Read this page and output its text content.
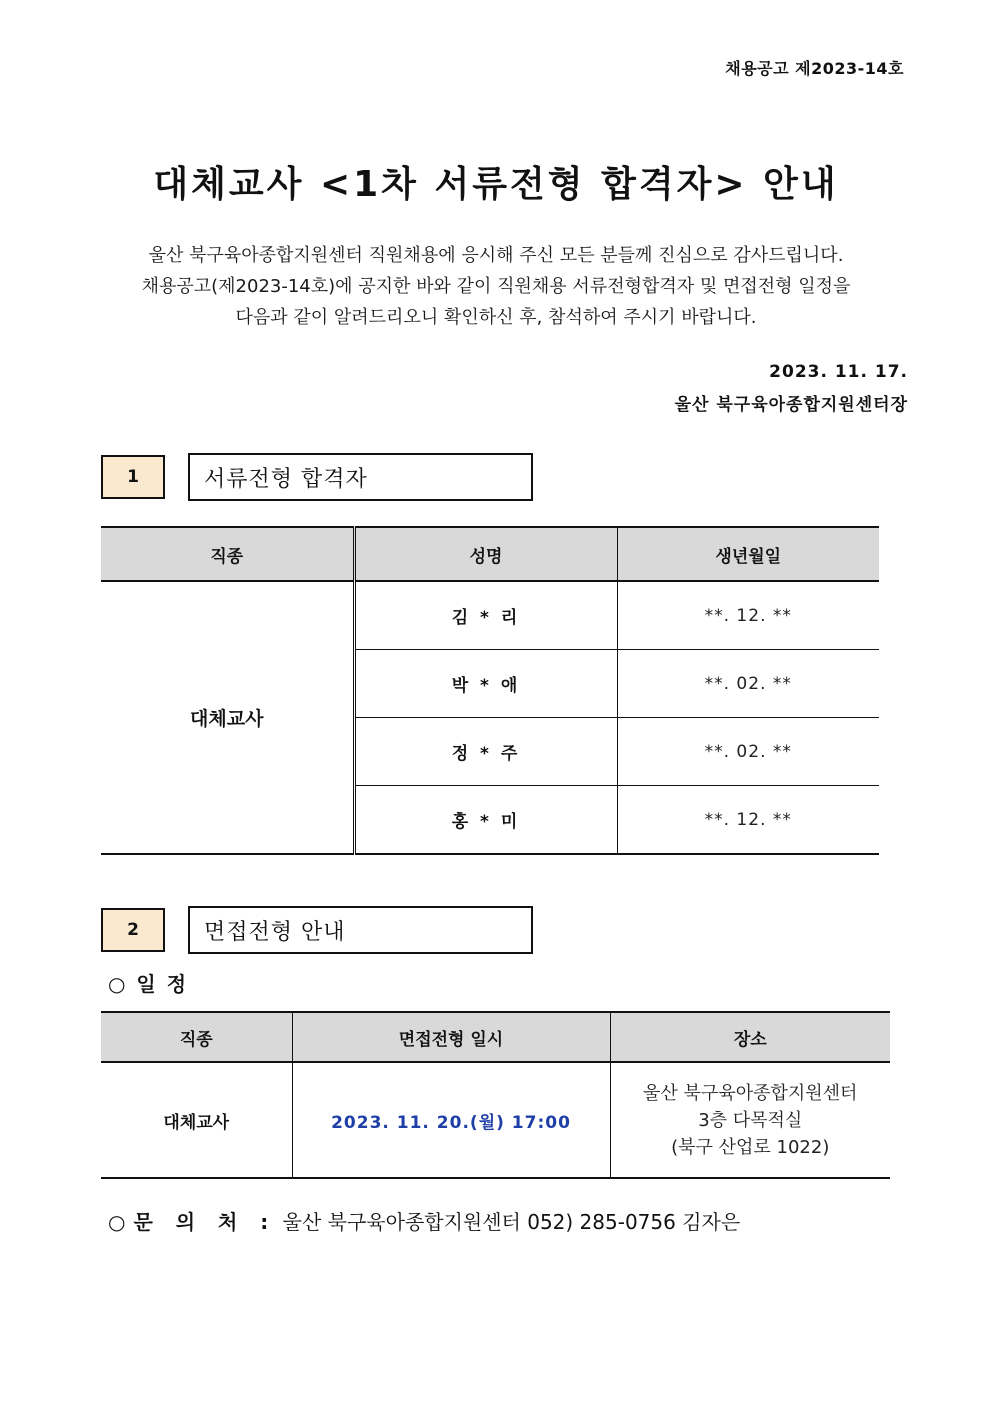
채용공고 제2023-14호
대체교사 <1차 서류전형 합격자> 안내
울산 북구육아종합지원센터 직원채용에 응시해 주신 모든 분들께 진심으로 감사드립니다.
채용공고(제2023-14호)에 공지한 바와 같이 직원채용 서류전형합격자 및 면접전형 일정을
다음과 같이 알려드리오니 확인하신 후, 참석하여 주시기 바랍니다.
2023. 11. 17.
울산 북구육아종합지원센터장
1	서류전형 합격자
직종	성명	생년월일
대체교사	김 * 리	**. 12. **
	박 * 애	**. 02. **
	정 * 주	**. 02. **
	홍 * 미	**. 12. **
2	면접전형 안내
○ 일 정
직종	면접전형 일시	장소
대체교사	2023. 11. 20.(월) 17:00	울산 북구육아종합지원센터
3층 다목적실
(북구 산업로 1022)
○ 문 의 처 : 울산 북구육아종합지원센터 052) 285-0756 김자은
